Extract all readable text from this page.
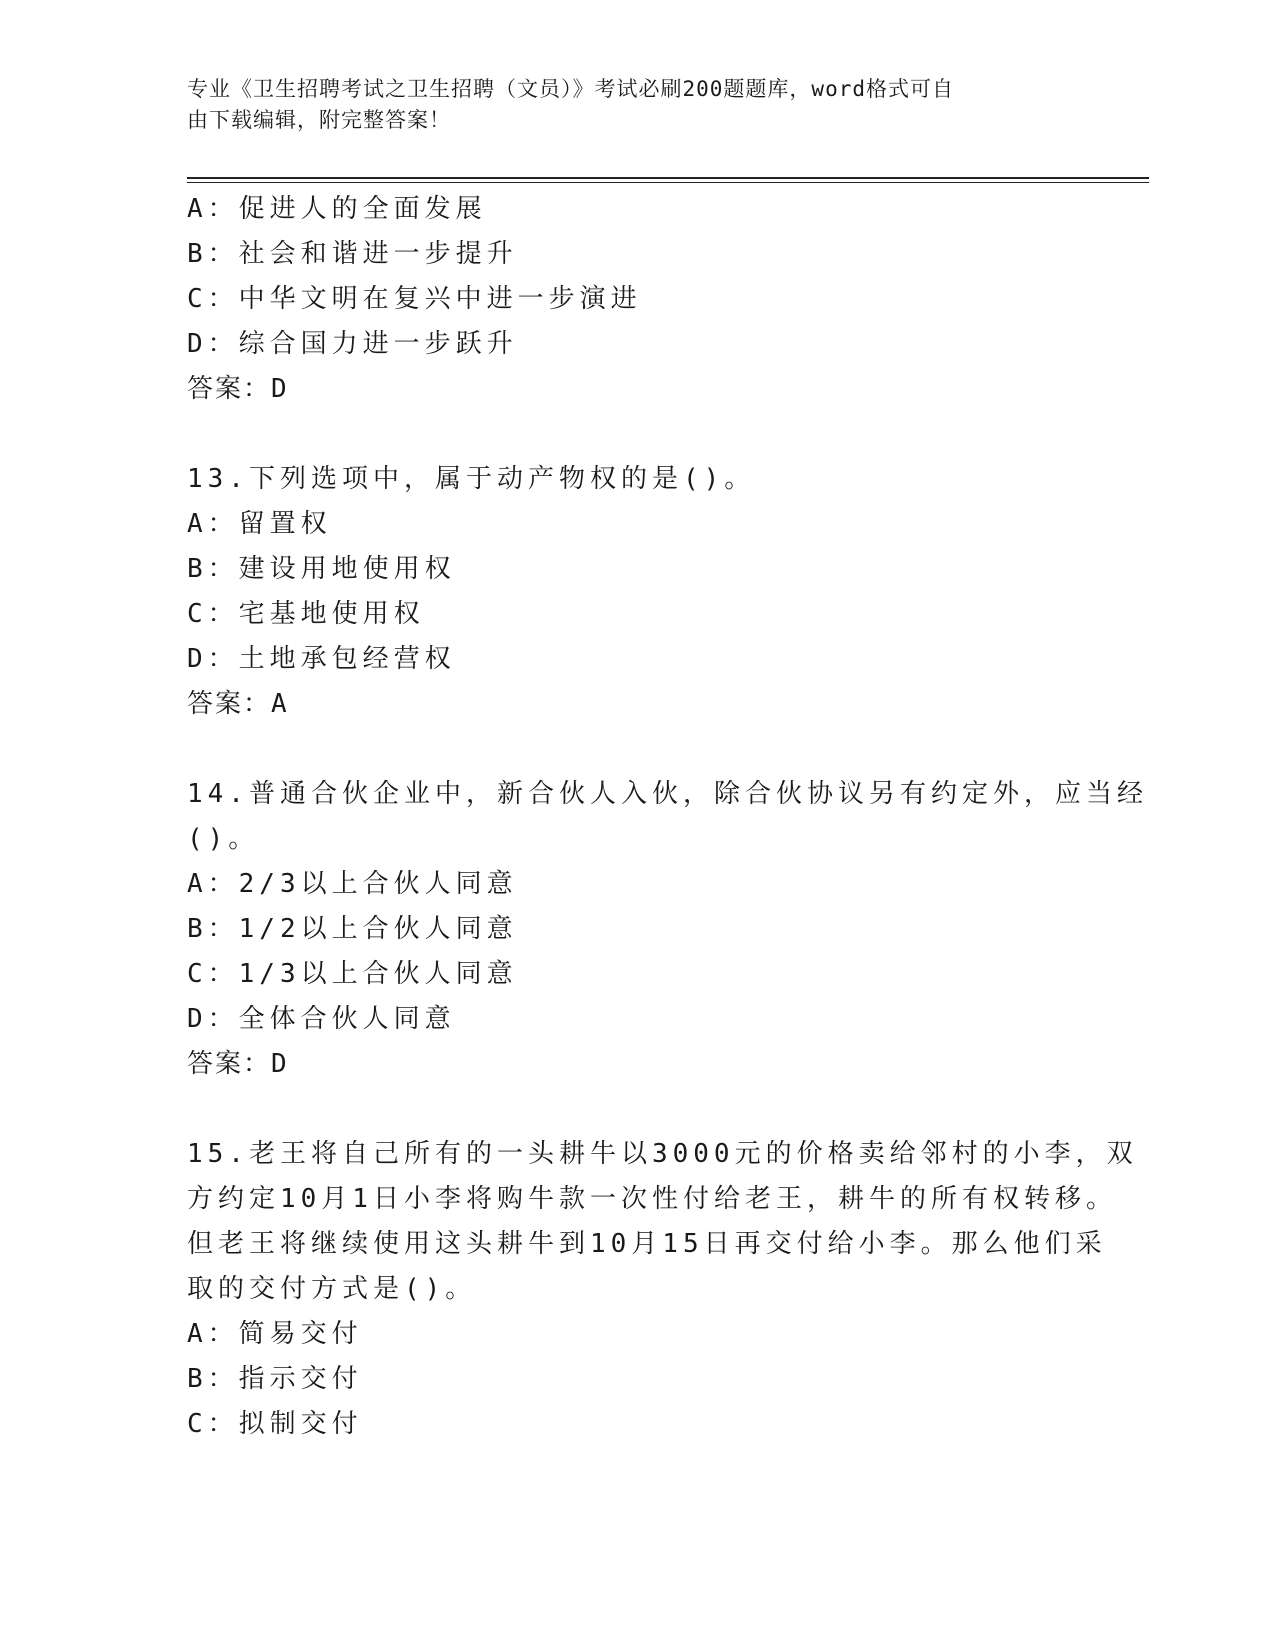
专业《卫生招聘考试之卫生招聘（文员）》考试必刷200题题库，word格式可自
由下载编辑，附完整答案！
A：促进人的全面发展
B：社会和谐进一步提升
C：中华文明在复兴中进一步演进
D：综合国力进一步跃升
答案：D
13.下列选项中，属于动产物权的是()。
A：留置权
B：建设用地使用权
C：宅基地使用权
D：土地承包经营权
答案：A
14.普通合伙企业中，新合伙人入伙，除合伙协议另有约定外，应当经
()。
A：2/3以上合伙人同意
B：1/2以上合伙人同意
C：1/3以上合伙人同意
D：全体合伙人同意
答案：D
15.老王将自己所有的一头耕牛以3000元的价格卖给邻村的小李，双
方约定10月1日小李将购牛款一次性付给老王，耕牛的所有权转移。
但老王将继续使用这头耕牛到10月15日再交付给小李。那么他们采
取的交付方式是()。
A：简易交付
B：指示交付
C：拟制交付
